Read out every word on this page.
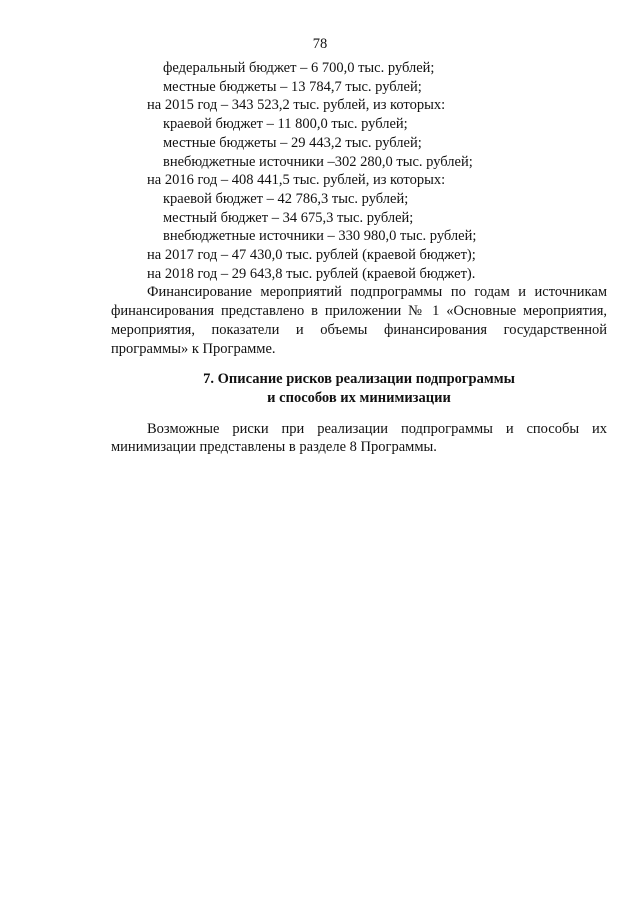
78
федеральный бюджет – 6 700,0 тыс. рублей;
местные бюджеты – 13 784,7 тыс. рублей;
на 2015 год – 343 523,2 тыс. рублей, из которых:
краевой бюджет – 11 800,0 тыс. рублей;
местные бюджеты – 29 443,2 тыс. рублей;
внебюджетные источники –302 280,0 тыс. рублей;
на 2016 год – 408 441,5 тыс. рублей, из которых:
краевой бюджет – 42 786,3 тыс. рублей;
местный бюджет – 34 675,3 тыс. рублей;
внебюджетные источники – 330 980,0 тыс. рублей;
на 2017 год – 47 430,0 тыс. рублей (краевой бюджет);
на 2018 год – 29 643,8 тыс. рублей (краевой бюджет).

Финансирование мероприятий подпрограммы по годам и источникам финансирования представлено в приложении № 1 «Основные мероприятия, мероприятия, показатели и объемы финансирования государственной программы» к Программе.

7. Описание рисков реализации подпрограммы
и способов их минимизации

Возможные риски при реализации подпрограммы и способы их минимизации представлены в разделе 8 Программы.
